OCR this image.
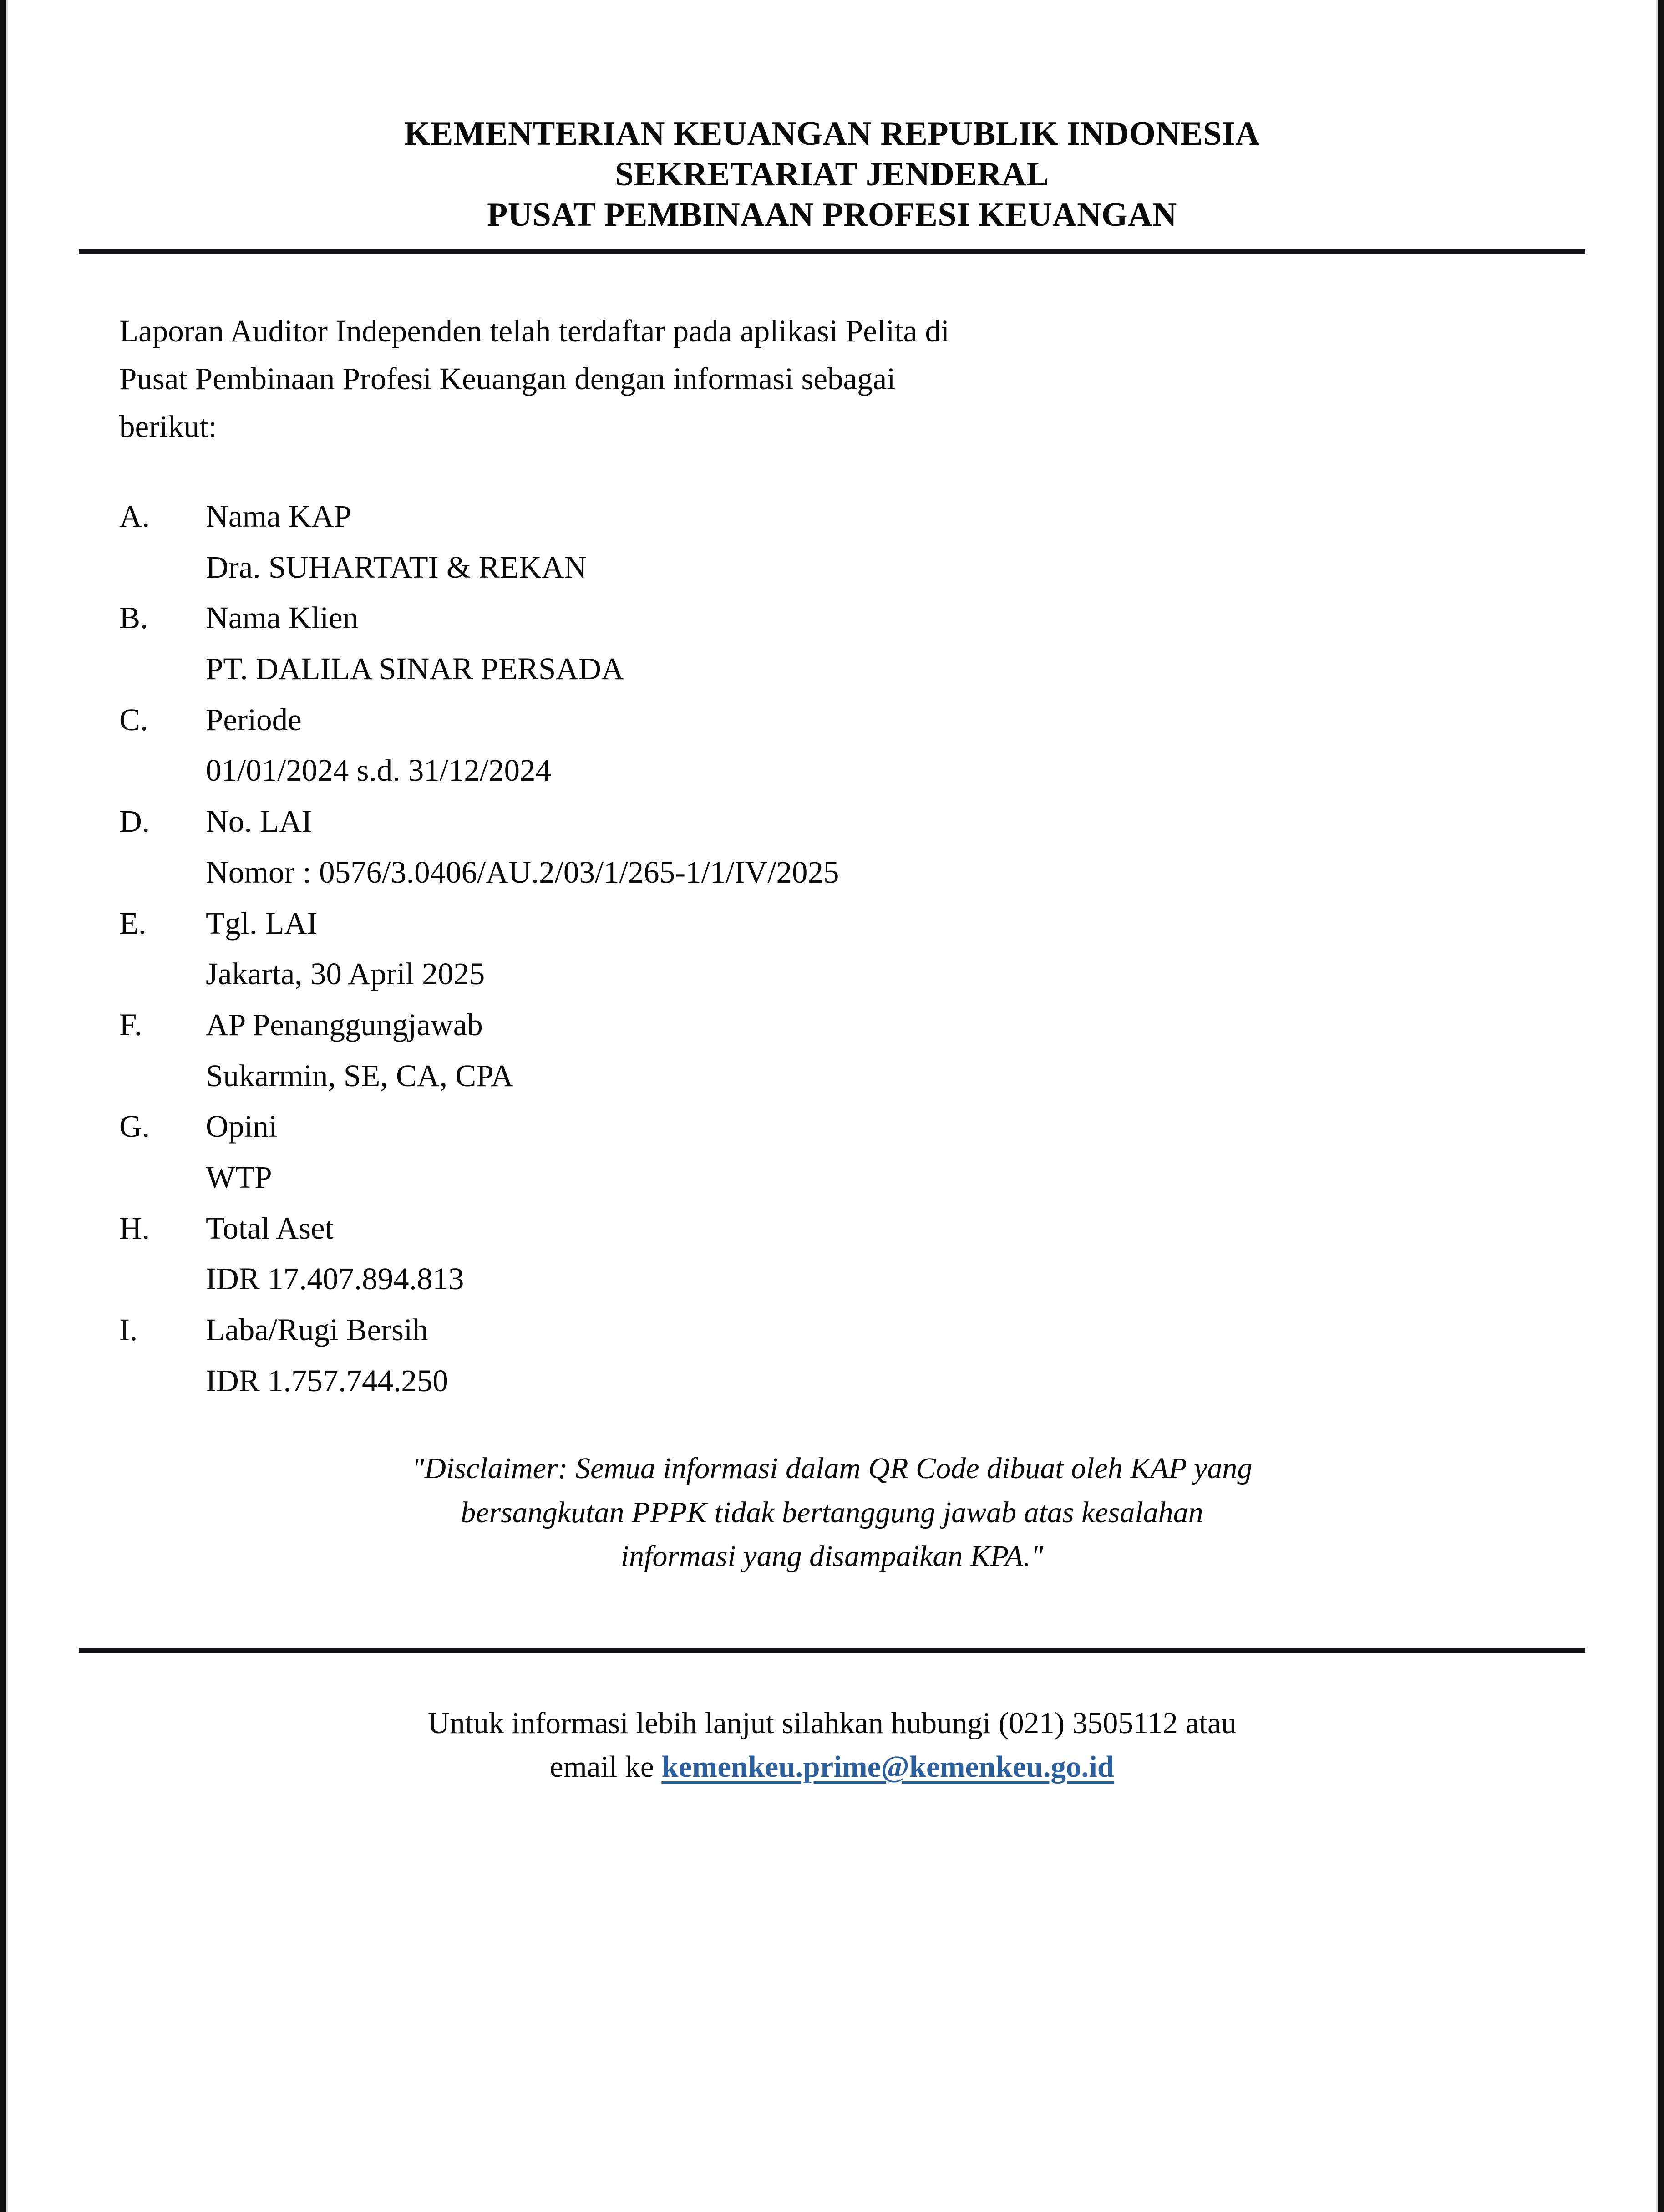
KEMENTERIAN KEUANGAN REPUBLIK INDONESIA
SEKRETARIAT JENDERAL
PUSAT PEMBINAAN PROFESI KEUANGAN
Laporan Auditor Independen telah terdaftar pada aplikasi Pelita di
Pusat Pembinaan Profesi Keuangan dengan informasi sebagai
berikut:
A.	Nama KAP
Dra. SUHARTATI & REKAN
B.	Nama Klien
PT. DALILA SINAR PERSADA
C.	Periode
01/01/2024 s.d. 31/12/2024
D.	No. LAI
Nomor : 0576/3.0406/AU.2/03/1/265-1/1/IV/2025
E.	Tgl. LAI
Jakarta, 30 April 2025
F.	AP Penanggungjawab
Sukarmin, SE, CA, CPA
G.	Opini
WTP
H.	Total Aset
IDR 17.407.894.813
I.	Laba/Rugi Bersih
IDR 1.757.744.250
"Disclaimer: Semua informasi dalam QR Code dibuat oleh KAP yang
bersangkutan PPPK tidak bertanggung jawab atas kesalahan
informasi yang disampaikan KPA."
Untuk informasi lebih lanjut silahkan hubungi (021) 3505112 atau
email ke kemenkeu.prime@kemenkeu.go.id
